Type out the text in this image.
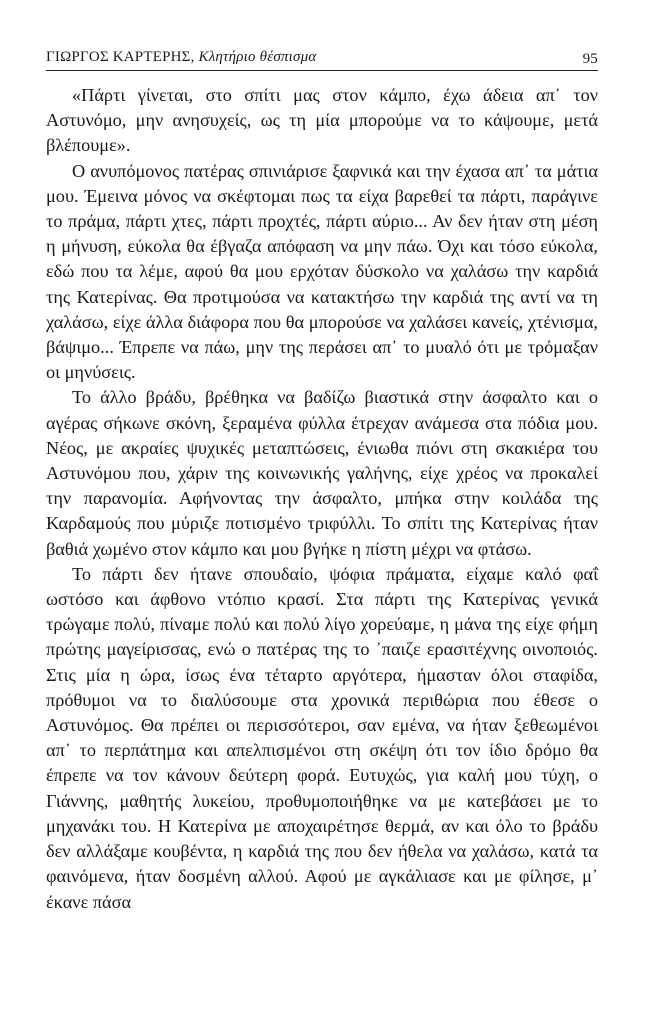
ΓΙΩΡΓΟΣ ΚΑΡΤΕΡΗΣ, Κλητήριο θέσπισμα	95

«Πάρτι γίνεται, στο σπίτι μας στον κάμπο, έχω άδεια απ᾽ τον Αστυνόμο, μην ανησυχείς, ως τη μία μπορούμε να το κάψουμε, μετά βλέπουμε».

Ο ανυπόμονος πατέρας σπινιάρισε ξαφνικά και την έχασα απ᾽ τα μάτια μου. Έμεινα μόνος να σκέφτομαι πως τα είχα βαρεθεί τα πάρτι, παράγινε το πράμα, πάρτι χτες, πάρτι προχτές, πάρτι αύριο... Αν δεν ήταν στη μέση η μήνυση, εύκολα θα έβγαζα απόφαση να μην πάω. Όχι και τόσο εύκολα, εδώ που τα λέμε, αφού θα μου ερχόταν δύσκολο να χαλάσω την καρδιά της Κατερίνας. Θα προτιμούσα να κατακτήσω την καρδιά της αντί να τη χαλάσω, είχε άλλα διάφορα που θα μπορούσε να χαλάσει κανείς, χτένισμα, βάψιμο... Έπρεπε να πάω, μην της περάσει απ᾽ το μυαλό ότι με τρόμαξαν οι μηνύσεις.

Το άλλο βράδυ, βρέθηκα να βαδίζω βιαστικά στην άσφαλτο και ο αγέρας σήκωνε σκόνη, ξεραμένα φύλλα έτρεχαν ανάμεσα στα πόδια μου. Νέος, με ακραίες ψυχικές μεταπτώσεις, ένιωθα πιόνι στη σκακιέρα του Αστυνόμου που, χάριν της κοινωνικής γαλήνης, είχε χρέος να προκαλεί την παρανομία. Αφήνοντας την άσφαλτο, μπήκα στην κοιλάδα της Καρδαμούς που μύριζε ποτισμένο τριφύλλι. Το σπίτι της Κατερίνας ήταν βαθιά χωμένο στον κάμπο και μου βγήκε η πίστη μέχρι να φτάσω.

Το πάρτι δεν ήτανε σπουδαίο, ψόφια πράματα, είχαμε καλό φαΐ ωστόσο και άφθονο ντόπιο κρασί. Στα πάρτι της Κατερίνας γενικά τρώγαμε πολύ, πίναμε πολύ και πολύ λίγο χορεύαμε, η μάνα της είχε φήμη πρώτης μαγείρισσας, ενώ ο πατέρας της το ᾽παιζε ερασιτέχνης οινοποιός. Στις μία η ώρα, ίσως ένα τέταρτο αργότερα, ήμασταν όλοι σταφίδα, πρόθυμοι να το διαλύσουμε στα χρονικά περιθώρια που έθεσε ο Αστυνόμος. Θα πρέπει οι περισσότεροι, σαν εμένα, να ήταν ξεθεωμένοι απ᾽ το περπάτημα και απελπισμένοι στη σκέψη ότι τον ίδιο δρόμο θα έπρεπε να τον κάνουν δεύτερη φορά. Ευτυχώς, για καλή μου τύχη, ο Γιάννης, μαθητής λυκείου, προθυμοποιήθηκε να με κατεβάσει με το μηχανάκι του. Η Κατερίνα με αποχαιρέτησε θερμά, αν και όλο το βράδυ δεν αλλάξαμε κουβέντα, η καρδιά της που δεν ήθελα να χαλάσω, κατά τα φαινόμενα, ήταν δοσμένη αλλού. Αφού με αγκάλιασε και με φίλησε, μ᾽ έκανε πάσα
